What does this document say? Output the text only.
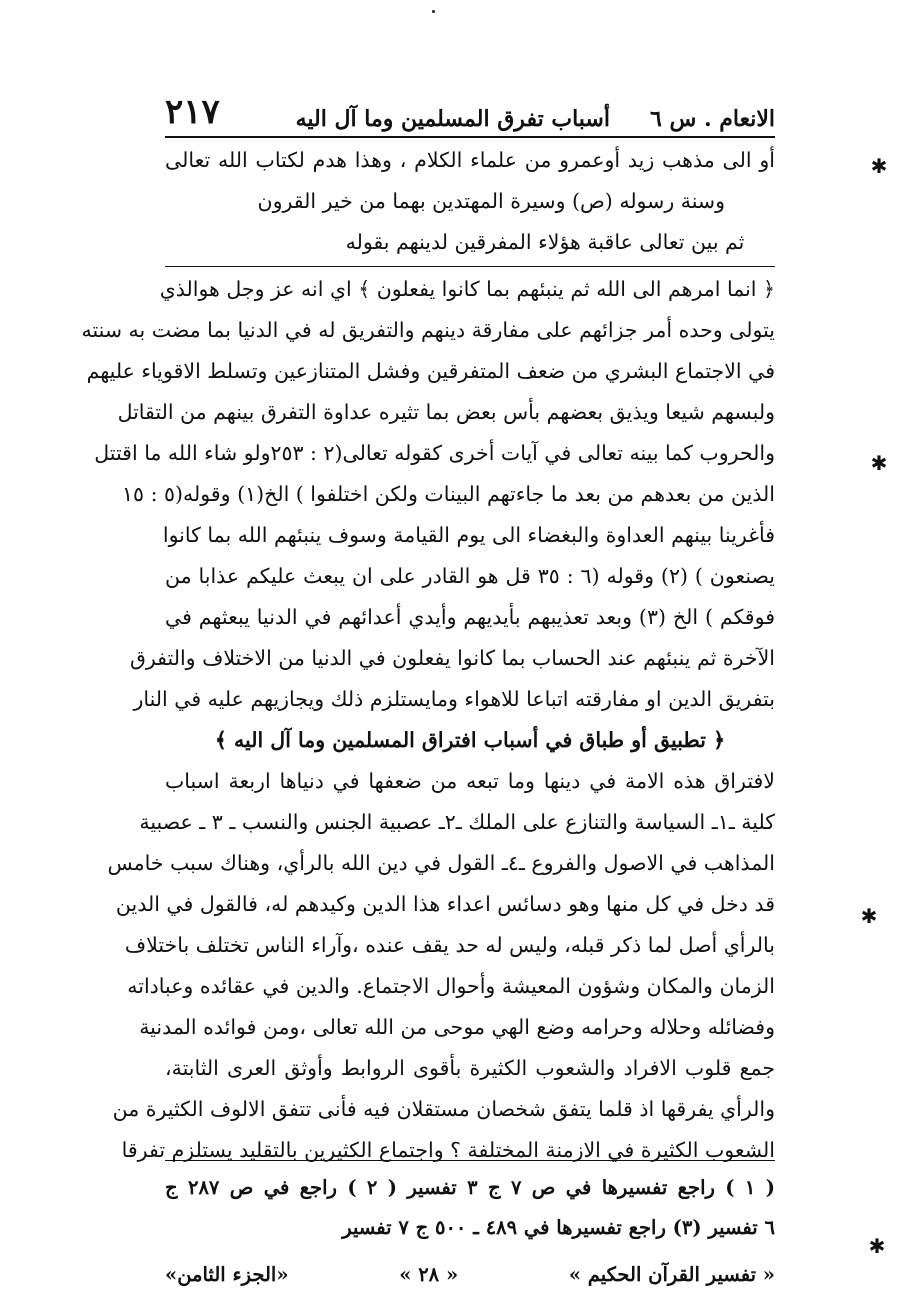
الانعام . س ٦
أسباب تفرق المسلمين وما آل اليه
٢١٧
أو الى مذهب زيد أوعمرو من علماء الكلام ، وهذا هدم لكتاب الله تعالى
وسنة رسوله (ص) وسيرة المهتدين بهما من خير القرون
ثم بين تعالى عاقبة هؤلاء المفرقين لدينهم بقوله
﴿ انما امرهم الى الله ثم ينبئهم بما كانوا يفعلون ﴾ اي انه عز وجل هوالذي
يتولى وحده أمر جزائهم على مفارقة دينهم والتفريق له في الدنيا بما مضت به سنته
في الاجتماع البشري من ضعف المتفرقين وفشل المتنازعين وتسلط الاقوياء عليهم
ولبسهم شيعا ويذيق بعضهم بأس بعض بما تثيره عداوة التفرق بينهم من التقاتل
والحروب كما بينه تعالى في آيات أخرى كقوله تعالى(٢ : ٢٥٣ولو شاء الله ما اقتتل
الذين من بعدهم من بعد ما جاءتهم البينات ولكن اختلفوا ) الخ(١) وقوله(٥ : ١٥
فأغرينا بينهم العداوة والبغضاء الى يوم القيامة وسوف ينبئهم الله بما كانوا
يصنعون ) (٢) وقوله (٦ : ٣٥ قل هو القادر على ان يبعث عليكم عذابا من
فوقكم ) الخ (٣) وبعد تعذيبهم بأيديهم وأيدي أعدائهم في الدنيا يبعثهم في
الآخرة ثم ينبئهم عند الحساب بما كانوا يفعلون في الدنيا من الاختلاف والتفرق
بتفريق الدين او مفارقته اتباعا للاهواء ومايستلزم ذلك ويجازيهم عليه في النار
﴿ تطبيق أو طباق في أسباب افتراق المسلمين وما آل اليه ﴾
لافتراق هذه الامة في دينها وما تبعه من ضعفها في دنياها اربعة اسباب
كلية ـ١ـ السياسة والتنازع على الملك ـ٢ـ عصبية الجنس والنسب ـ ٣ ـ عصبية
المذاهب في الاصول والفروع ـ٤ـ القول في دين الله بالرأي، وهناك سبب خامس
قد دخل في كل منها وهو دسائس اعداء هذا الدين وكيدهم له، فالقول في الدين
بالرأي أصل لما ذكر قبله، وليس له حد يقف عنده ،وآراء الناس تختلف باختلاف
الزمان والمكان وشؤون المعيشة وأحوال الاجتماع. والدين في عقائده وعباداته
وفضائله وحلاله وحرامه وضع الهي موحى من الله تعالى ،ومن فوائده المدنية
جمع قلوب الافراد والشعوب الكثيرة بأقوى الروابط وأوثق العرى الثابتة،
والرأي يفرقها اذ قلما يتفق شخصان مستقلان فيه فأنى تتفق الالوف الكثيرة من
الشعوب الكثيرة في الازمنة المختلفة ؟ واجتماع الكثيرين بالتقليد يستلزم تفرقا
( ١ ) راجع تفسيرها في ص ٧ ج ٣ تفسير ( ٢ ) راجع في ص ٢٨٧ ج
٦ تفسير (٣) راجع تفسيرها في ٤٨٩ ـ ٥٠٠ ج ٧ تفسير
« تفسير القرآن الحكيم »
« ٢٨ »
«الجزء الثامن»
✱
✱
✱
✱
